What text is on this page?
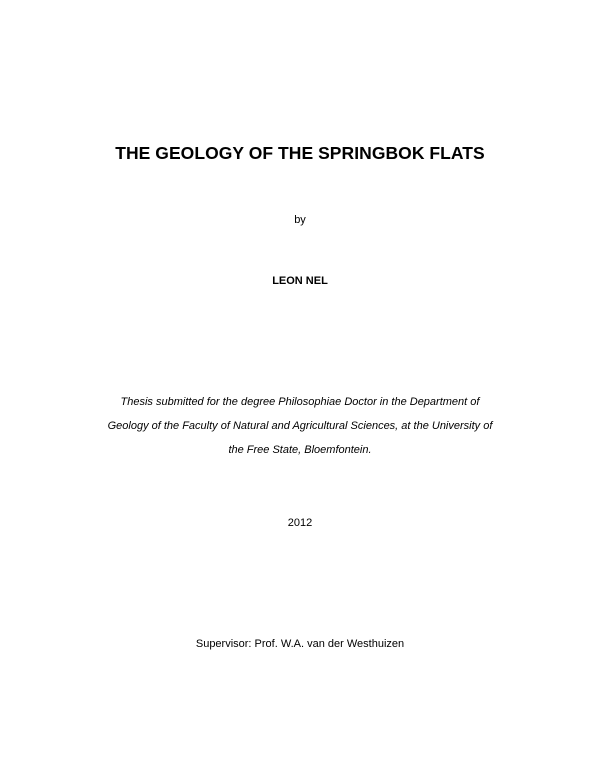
THE GEOLOGY OF THE SPRINGBOK FLATS
by
LEON NEL
Thesis submitted for the degree Philosophiae Doctor in the Department of
Geology of the Faculty of Natural and Agricultural Sciences, at the University of
the Free State, Bloemfontein.
2012
Supervisor: Prof. W.A. van der Westhuizen
